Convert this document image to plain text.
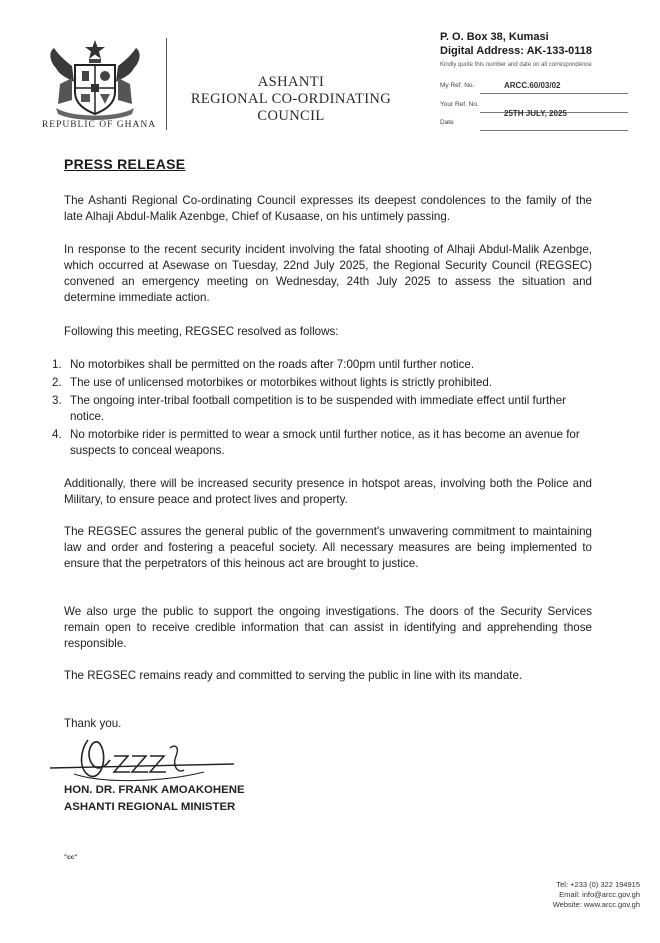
REPUBLIC OF GHANA
ASHANTI
REGIONAL CO-ORDINATING
COUNCIL
P. O. Box 38, Kumasi
Digital Address: AK-133-0118
Kindly quote this number and date on all correspondence
My Ref. No.	ARCC.60/03/02
Your Ref. No.
25TH JULY, 2025
Date
PRESS RELEASE
The Ashanti Regional Co-ordinating Council expresses its deepest condolences to the family of the late Alhaji Abdul-Malik Azenbge, Chief of Kusaase, on his untimely passing.
In response to the recent security incident involving the fatal shooting of Alhaji Abdul-Malik Azenbge, which occurred at Asewase on Tuesday, 22nd July 2025, the Regional Security Council (REGSEC) convened an emergency meeting on Wednesday, 24th July 2025 to assess the situation and determine immediate action.
Following this meeting, REGSEC resolved as follows:
1. No motorbikes shall be permitted on the roads after 7:00pm until further notice.
2. The use of unlicensed motorbikes or motorbikes without lights is strictly prohibited.
3. The ongoing inter-tribal football competition is to be suspended with immediate effect until further notice.
4. No motorbike rider is permitted to wear a smock until further notice, as it has become an avenue for suspects to conceal weapons.
Additionally, there will be increased security presence in hotspot areas, involving both the Police and Military, to ensure peace and protect lives and property.
The REGSEC assures the general public of the government's unwavering commitment to maintaining law and order and fostering a peaceful society. All necessary measures are being implemented to ensure that the perpetrators of this heinous act are brought to justice.
We also urge the public to support the ongoing investigations. The doors of the Security Services remain open to receive credible information that can assist in identifying and apprehending those responsible.
The REGSEC remains ready and committed to serving the public in line with its mandate.
Thank you.
HON. DR. FRANK AMOAKOHENE
ASHANTI REGIONAL MINISTER
"cc"
Tel: +233 (0) 322 194915
Email: info@arcc.gov.gh
Website: www.arcc.gov.gh
